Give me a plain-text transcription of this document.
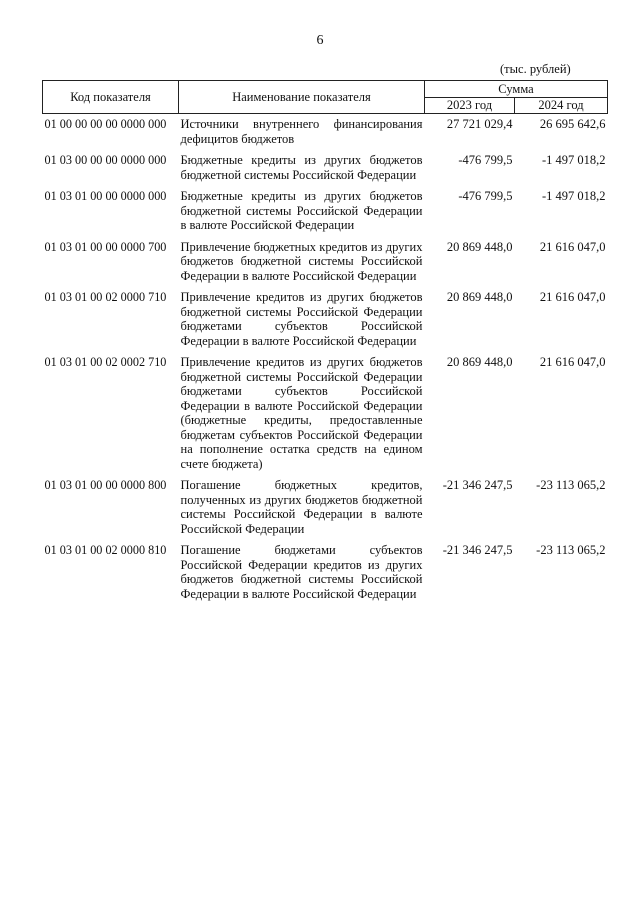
6
(тыс. рублей)
Код показателя	Наименование показателя	Сумма	
		2023 год	2024 год
01 00 00 00 00 0000 000	Источники внутреннего финансирования дефицитов бюджетов	27 721 029,4	26 695 642,6
01 03 00 00 00 0000 000	Бюджетные кредиты из других бюджетов бюджетной системы Российской Федерации	-476 799,5	-1 497 018,2
01 03 01 00 00 0000 000	Бюджетные кредиты из других бюджетов бюджетной системы Российской Федерации в валюте Российской Федерации	-476 799,5	-1 497 018,2
01 03 01 00 00 0000 700	Привлечение бюджетных кредитов из других бюджетов бюджетной системы Российской Федерации в валюте Российской Федерации	20 869 448,0	21 616 047,0
01 03 01 00 02 0000 710	Привлечение кредитов из других бюджетов бюджетной системы Российской Федерации бюджетами субъектов Российской Федерации в валюте Российской Федерации	20 869 448,0	21 616 047,0
01 03 01 00 02 0002 710	Привлечение кредитов из других бюджетов бюджетной системы Российской Федерации бюджетами субъектов Российской Федерации в валюте Российской Федерации (бюджетные кредиты, предоставленные бюджетам субъектов Российской Федерации на пополнение остатка средств на едином счете бюджета)	20 869 448,0	21 616 047,0
01 03 01 00 00 0000 800	Погашение бюджетных кредитов, полученных из других бюджетов бюджетной системы Российской Федерации в валюте Российской Федерации	-21 346 247,5	-23 113 065,2
01 03 01 00 02 0000 810	Погашение бюджетами субъектов Российской Федерации кредитов из других бюджетов бюджетной системы Российской Федерации в валюте Российской Федерации	-21 346 247,5	-23 113 065,2
